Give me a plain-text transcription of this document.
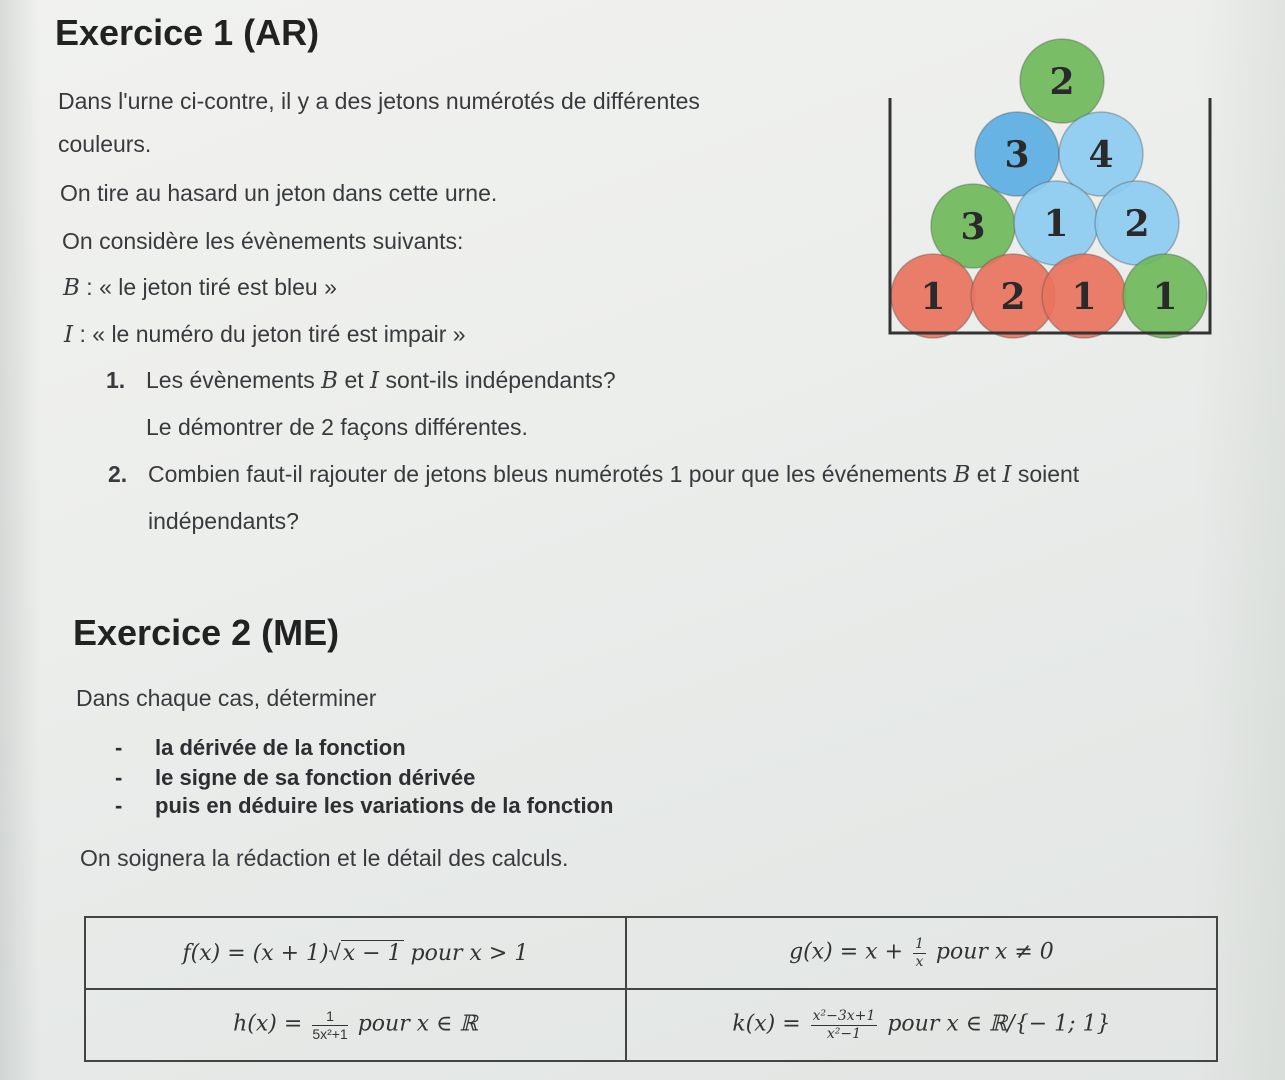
Exercice 1 (AR)
Dans l'urne ci-contre, il y a des jetons numérotés de différentes
couleurs.
On tire au hasard un jeton dans cette urne.
On considère les évènements suivants:
B : « le jeton tiré est bleu »
I : « le numéro du jeton tiré est impair »
1. Les évènements B et I sont-ils indépendants?
Le démontrer de 2 façons différentes.
2. Combien faut-il rajouter de jetons bleus numérotés 1 pour que les événements B et I soient
indépendants?
2
3 4
3 1 2
1 2 1 1
Exercice 2 (ME)
Dans chaque cas, déterminer
- la dérivée de la fonction
- le signe de sa fonction dérivée
- puis en déduire les variations de la fonction
On soignera la rédaction et le détail des calculs.
f(x) = (x + 1)√x − 1 pour x > 1	$g(x) = x + \frac{1}{x}$ pour x ≠ 0
$h(x) = \frac{1}{\text{5x²+1}}$ pour x ∈ ℝ	$k(x) = \frac{\text{x²−3x+1}}{\text{x²−1}}$ pour x ∈ ℝ/{− 1; 1}
